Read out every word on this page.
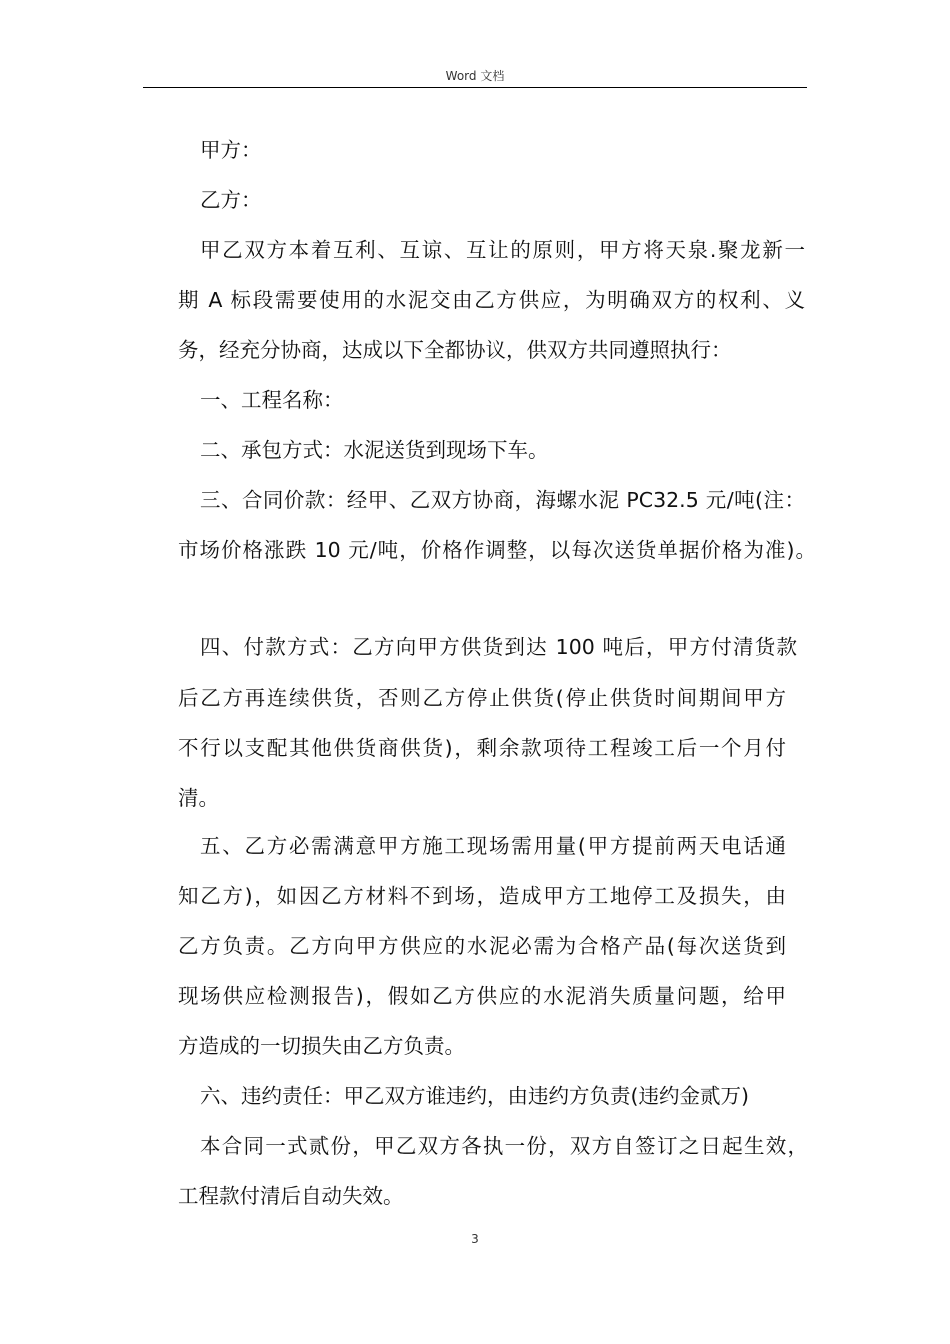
Word 文档
甲方：
乙方：
甲乙双方本着互利、互谅、互让的原则，甲方将天泉.聚龙新一
期 A 标段需要使用的水泥交由乙方供应，为明确双方的权利、义
务，经充分协商，达成以下全都协议，供双方共同遵照执行：
一、工程名称：
二、承包方式：水泥送货到现场下车。
三、合同价款：经甲、乙双方协商，海螺水泥 PC32.5 元/吨(注：
市场价格涨跌 10 元/吨，价格作调整，以每次送货单据价格为准)。
四、付款方式：乙方向甲方供货到达 100 吨后，甲方付清货款
后乙方再连续供货，否则乙方停止供货(停止供货时间期间甲方
不行以支配其他供货商供货)，剩余款项待工程竣工后一个月付
清。
五、乙方必需满意甲方施工现场需用量(甲方提前两天电话通
知乙方)，如因乙方材料不到场，造成甲方工地停工及损失，由
乙方负责。乙方向甲方供应的水泥必需为合格产品(每次送货到
现场供应检测报告)，假如乙方供应的水泥消失质量问题，给甲
方造成的一切损失由乙方负责。
六、违约责任：甲乙双方谁违约，由违约方负责(违约金贰万)
本合同一式贰份，甲乙双方各执一份，双方自签订之日起生效，
工程款付清后自动失效。
3
